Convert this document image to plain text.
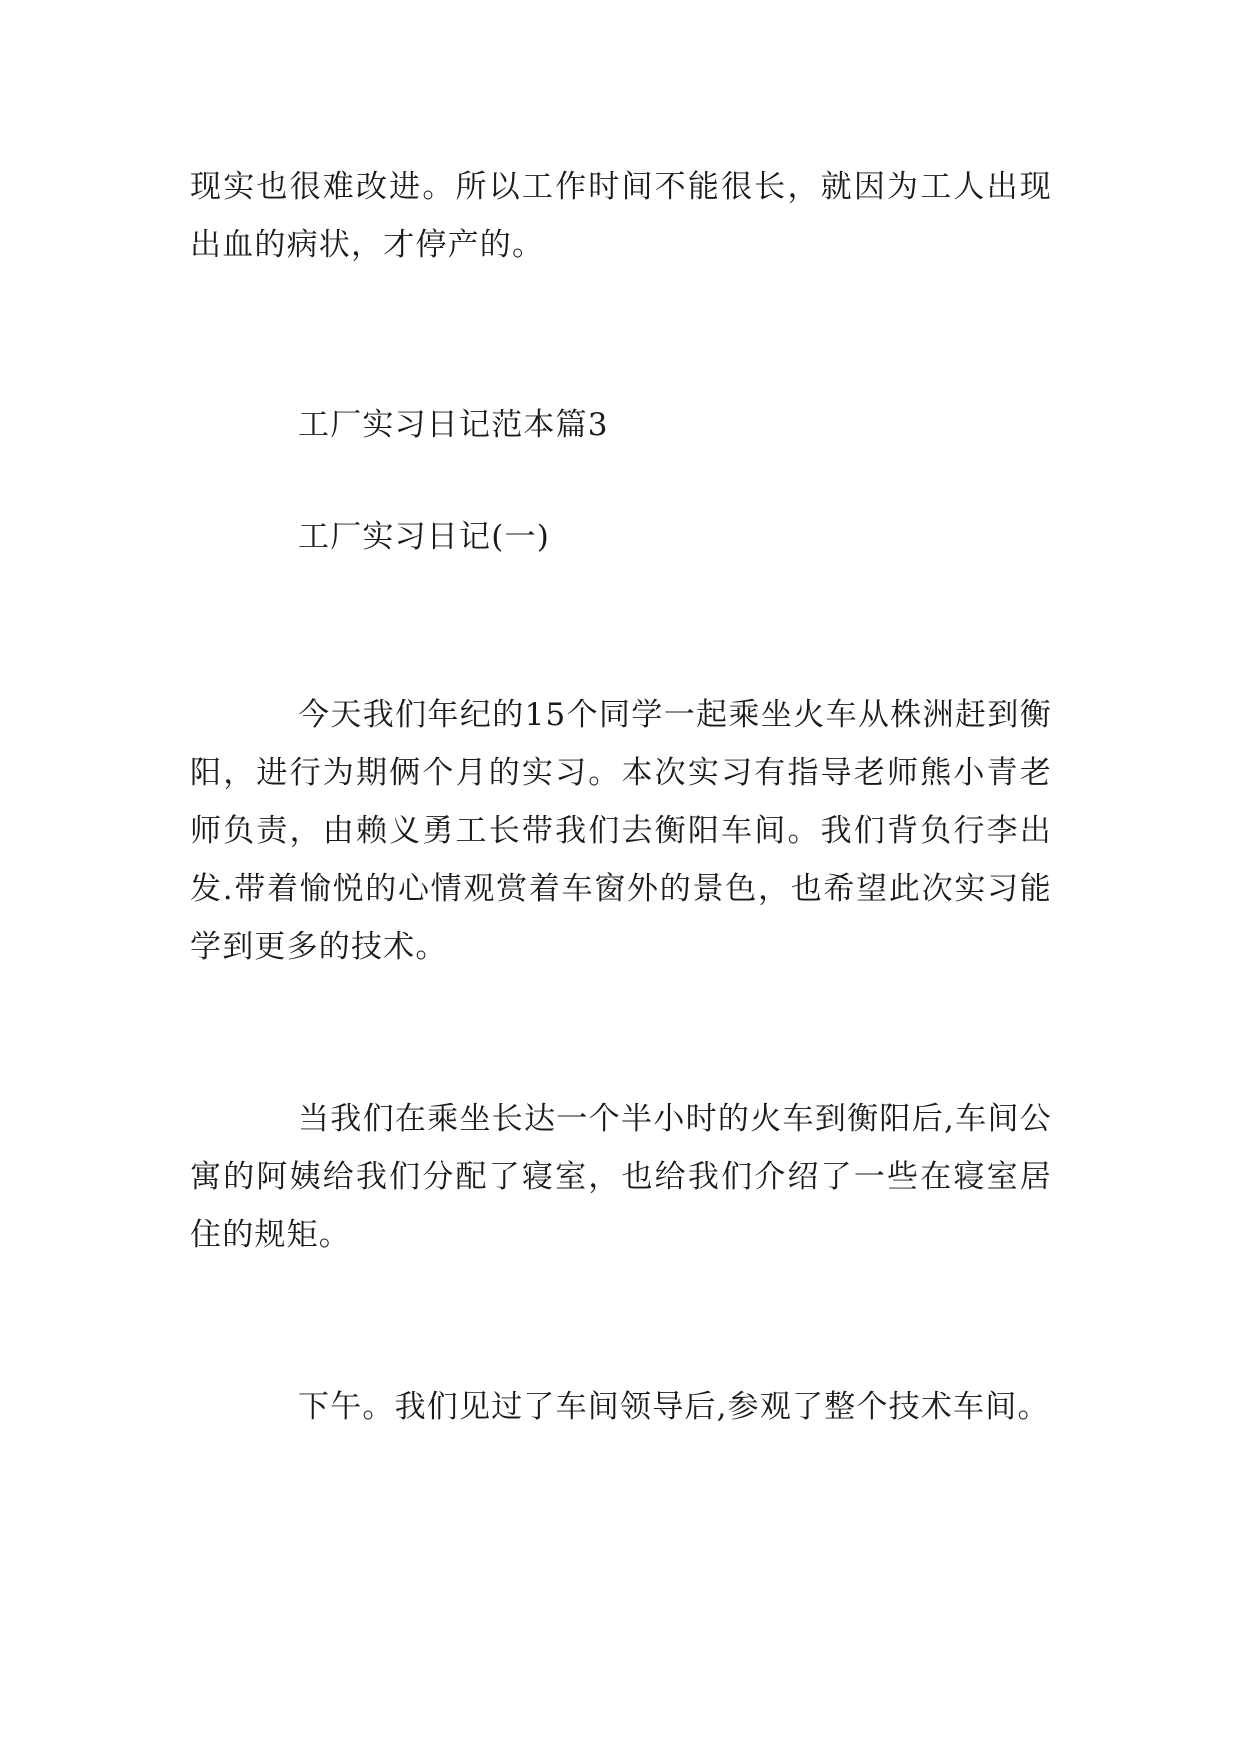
现实也很难改进。所以工作时间不能很长，就因为工人出现出血的病状，才停产的。
工厂实习日记范本篇3
工厂实习日记(一)
今天我们年纪的15个同学一起乘坐火车从株洲赶到衡阳，进行为期俩个月的实习。本次实习有指导老师熊小青老师负责，由赖义勇工长带我们去衡阳车间。我们背负行李出发.带着愉悦的心情观赏着车窗外的景色，也希望此次实习能学到更多的技术。
当我们在乘坐长达一个半小时的火车到衡阳后,车间公寓的阿姨给我们分配了寝室，也给我们介绍了一些在寝室居住的规矩。
下午。我们见过了车间领导后,参观了整个技术车间。
